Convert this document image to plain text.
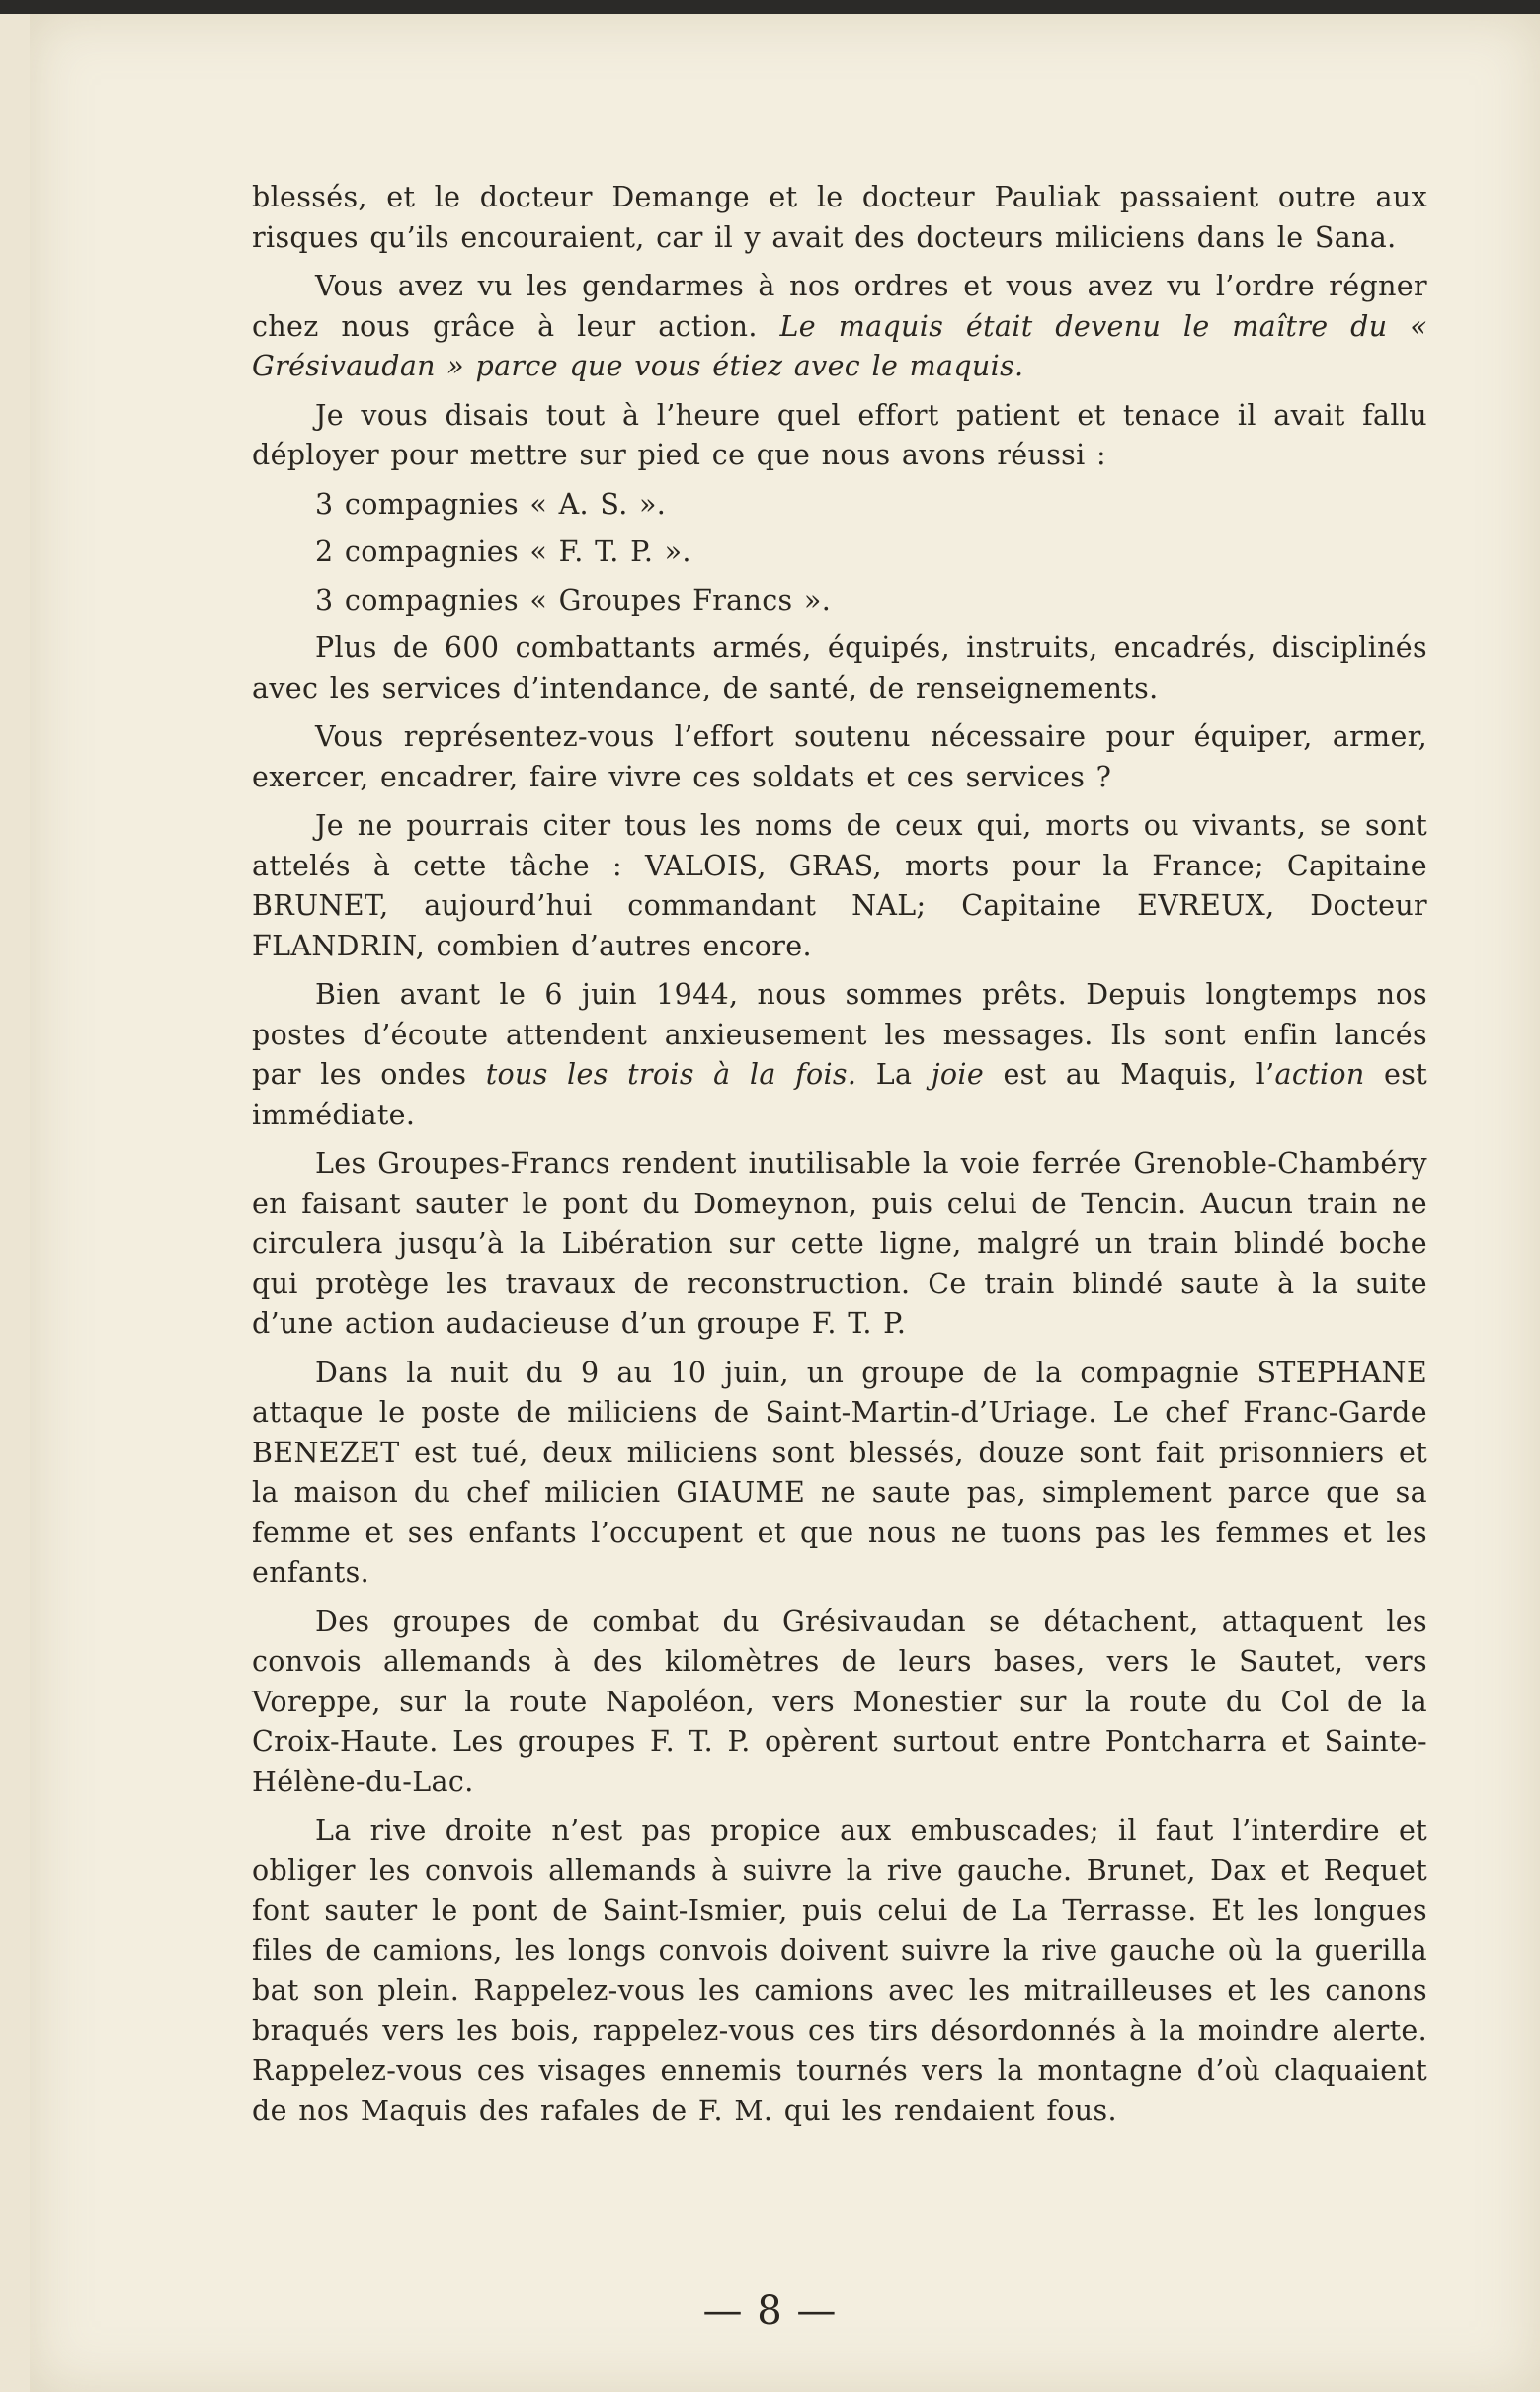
blessés, et le docteur Demange et le docteur Pauliak passaient outre aux risques qu’ils encouraient, car il y avait des docteurs miliciens dans le Sana.

Vous avez vu les gendarmes à nos ordres et vous avez vu l’ordre régner chez nous grâce à leur action. Le maquis était devenu le maître du « Grésivaudan » parce que vous étiez avec le maquis.

Je vous disais tout à l’heure quel effort patient et tenace il avait fallu déployer pour mettre sur pied ce que nous avons réussi :

3 compagnies « A. S. ».

2 compagnies « F. T. P. ».

3 compagnies « Groupes Francs ».

Plus de 600 combattants armés, équipés, instruits, encadrés, disciplinés avec les services d’intendance, de santé, de renseignements.

Vous représentez-vous l’effort soutenu nécessaire pour équiper, armer, exercer, encadrer, faire vivre ces soldats et ces services ?

Je ne pourrais citer tous les noms de ceux qui, morts ou vivants, se sont attelés à cette tâche : VALOIS, GRAS, morts pour la France; Capitaine BRUNET, aujourd’hui commandant NAL; Capitaine EVREUX, Docteur FLANDRIN, combien d’autres encore.

Bien avant le 6 juin 1944, nous sommes prêts. Depuis longtemps nos postes d’écoute attendent anxieusement les messages. Ils sont enfin lancés par les ondes tous les trois à la fois. La joie est au Maquis, l’action est immédiate.

Les Groupes-Francs rendent inutilisable la voie ferrée Grenoble-Chambéry en faisant sauter le pont du Domeynon, puis celui de Tencin. Aucun train ne circulera jusqu’à la Libération sur cette ligne, malgré un train blindé boche qui protège les travaux de reconstruction. Ce train blindé saute à la suite d’une action audacieuse d’un groupe F. T. P.

Dans la nuit du 9 au 10 juin, un groupe de la compagnie STEPHANE attaque le poste de miliciens de Saint-Martin-d’Uriage. Le chef Franc-Garde BENEZET est tué, deux miliciens sont blessés, douze sont fait prisonniers et la maison du chef milicien GIAUME ne saute pas, simplement parce que sa femme et ses enfants l’occupent et que nous ne tuons pas les femmes et les enfants.

Des groupes de combat du Grésivaudan se détachent, attaquent les convois allemands à des kilomètres de leurs bases, vers le Sautet, vers Voreppe, sur la route Napoléon, vers Monestier sur la route du Col de la Croix-Haute. Les groupes F. T. P. opèrent surtout entre Pontcharra et Sainte-Hélène-du-Lac.

La rive droite n’est pas propice aux embuscades; il faut l’interdire et obliger les convois allemands à suivre la rive gauche. Brunet, Dax et Requet font sauter le pont de Saint-Ismier, puis celui de La Terrasse. Et les longues files de camions, les longs convois doivent suivre la rive gauche où la guerilla bat son plein. Rappelez-vous les camions avec les mitrailleuses et les canons braqués vers les bois, rappelez-vous ces tirs désordonnés à la moindre alerte. Rappelez-vous ces visages ennemis tournés vers la montagne d’où claquaient de nos Maquis des rafales de F. M. qui les rendaient fous.

— 8 —
